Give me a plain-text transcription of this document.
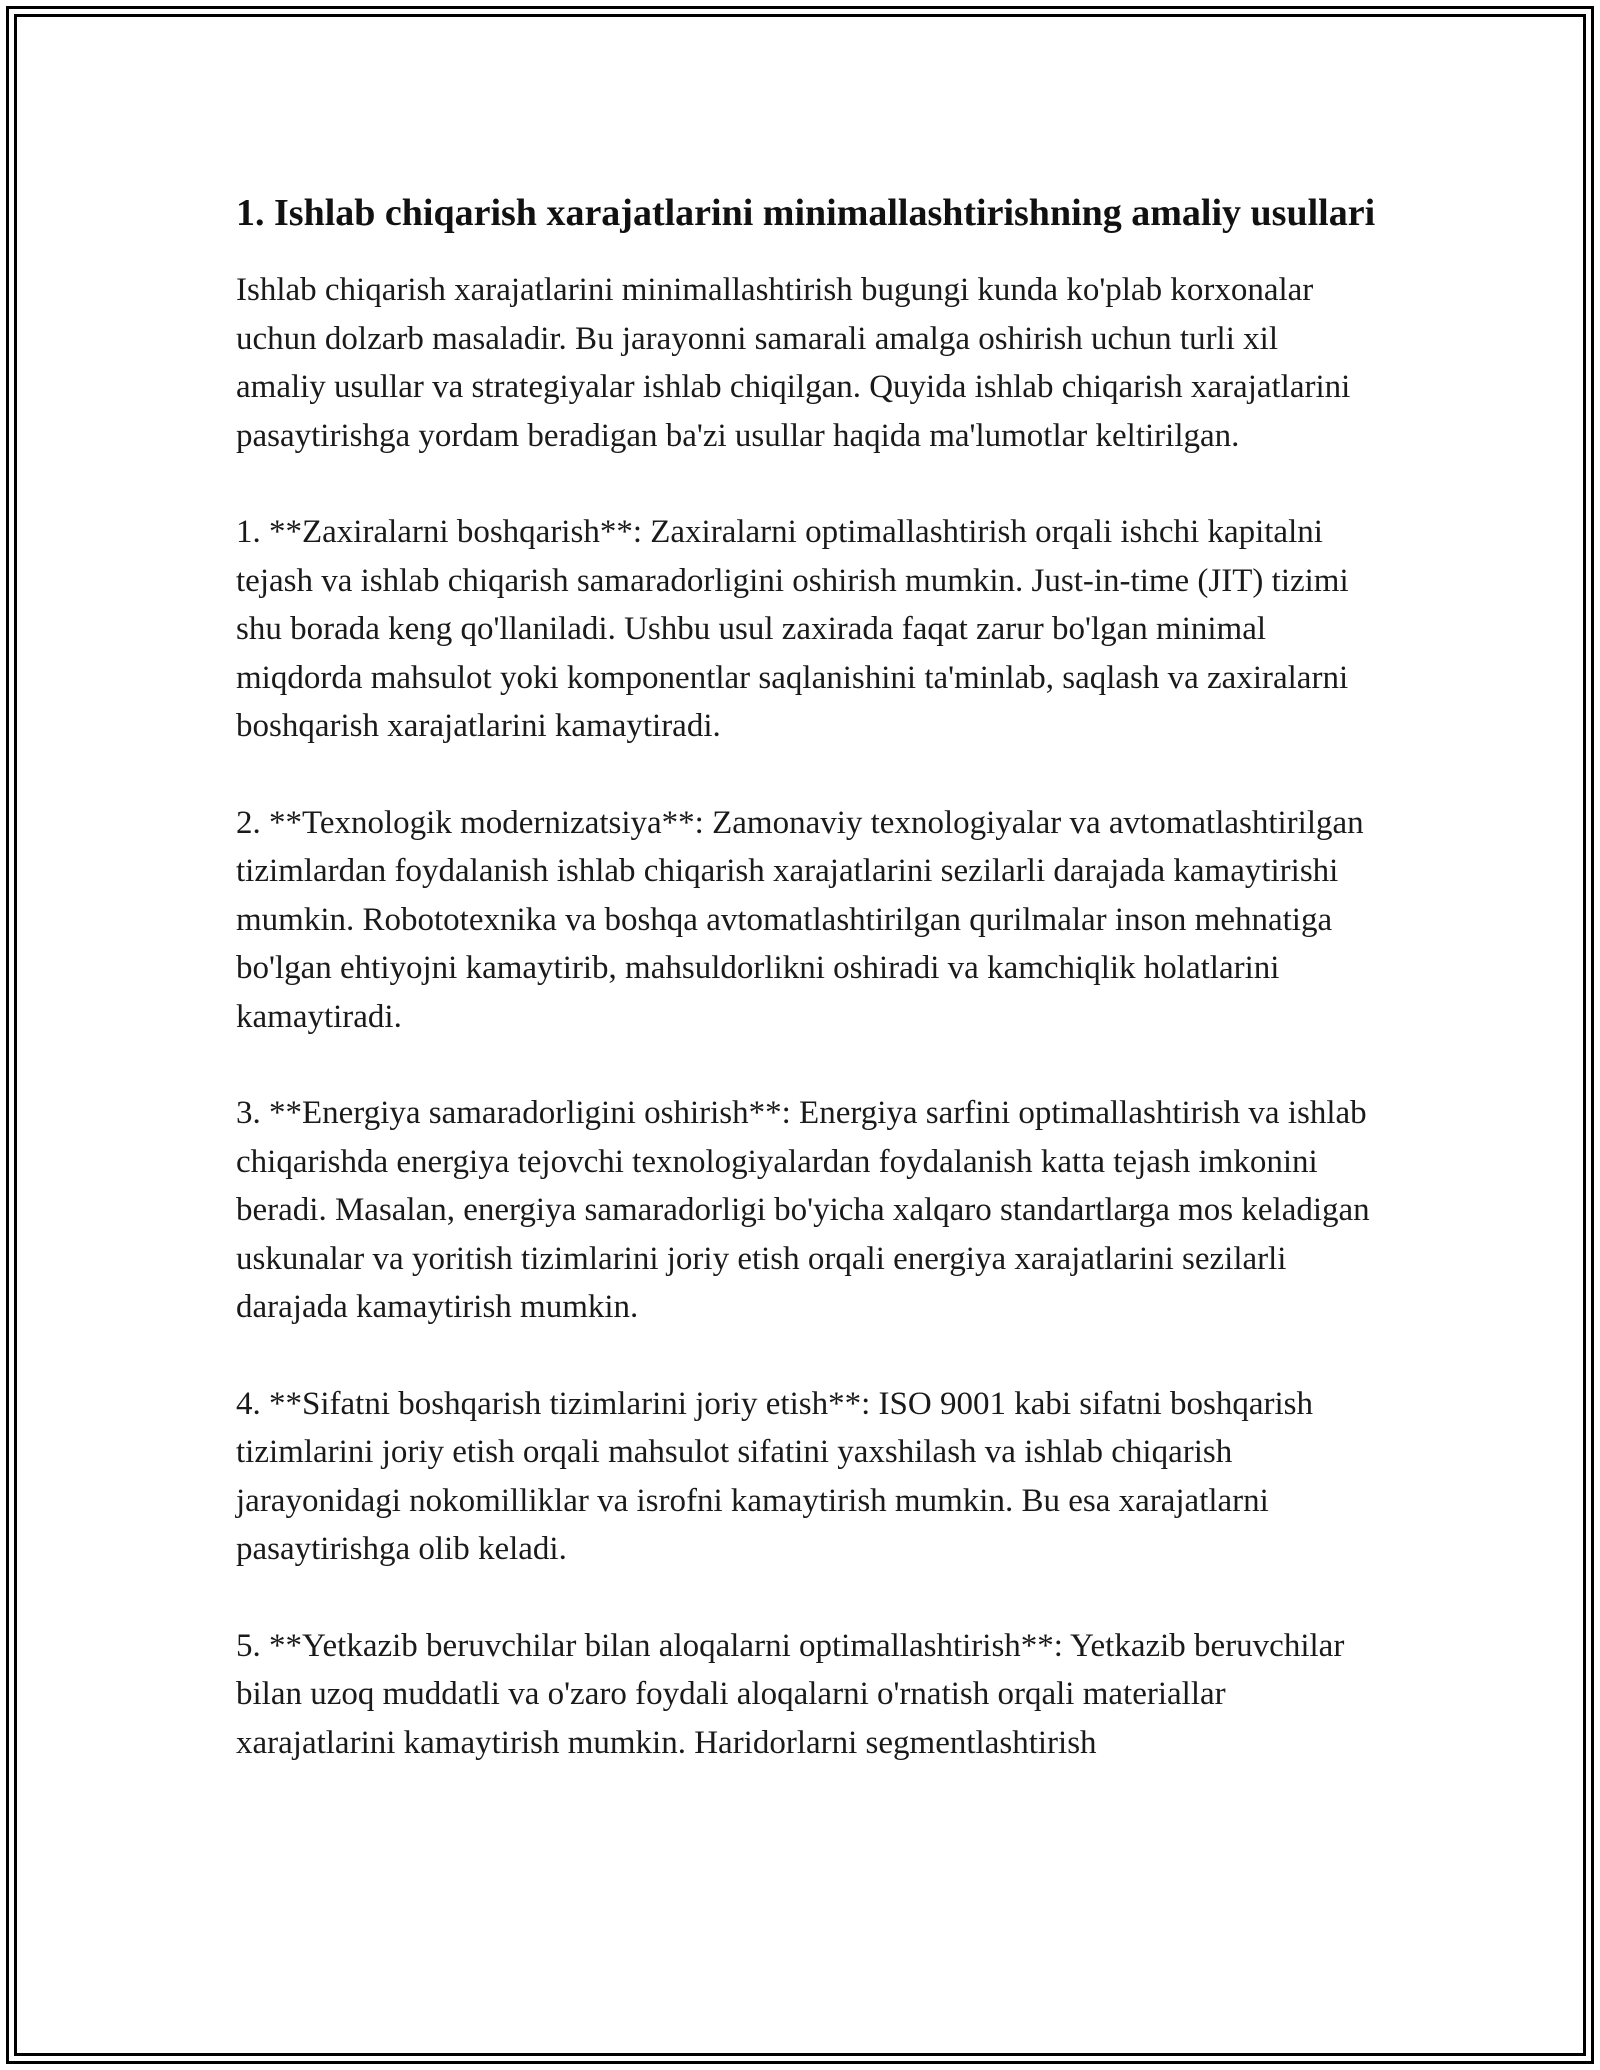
1. Ishlab chiqarish xarajatlarini minimallashtirishning amaliy usullari

Ishlab chiqarish xarajatlarini minimallashtirish bugungi kunda ko'plab korxonalar uchun dolzarb masaladir. Bu jarayonni samarali amalga oshirish uchun turli xil amaliy usullar va strategiyalar ishlab chiqilgan. Quyida ishlab chiqarish xarajatlarini pasaytirishga yordam beradigan ba'zi usullar haqida ma'lumotlar keltirilgan.

1. **Zaxiralarni boshqarish**: Zaxiralarni optimallashtirish orqali ishchi kapitalni tejash va ishlab chiqarish samaradorligini oshirish mumkin. Just-in-time (JIT) tizimi shu borada keng qo'llaniladi. Ushbu usul zaxirada faqat zarur bo'lgan minimal miqdorda mahsulot yoki komponentlar saqlanishini ta'minlab, saqlash va zaxiralarni boshqarish xarajatlarini kamaytiradi.

2. **Texnologik modernizatsiya**: Zamonaviy texnologiyalar va avtomatlashtirilgan tizimlardan foydalanish ishlab chiqarish xarajatlarini sezilarli darajada kamaytirishi mumkin. Robototexnika va boshqa avtomatlashtirilgan qurilmalar inson mehnatiga bo'lgan ehtiyojni kamaytirib, mahsuldorlikni oshiradi va kamchiqlik holatlarini kamaytiradi.

3. **Energiya samaradorligini oshirish**: Energiya sarfini optimallashtirish va ishlab chiqarishda energiya tejovchi texnologiyalardan foydalanish katta tejash imkonini beradi. Masalan, energiya samaradorligi bo'yicha xalqaro standartlarga mos keladigan uskunalar va yoritish tizimlarini joriy etish orqali energiya xarajatlarini sezilarli darajada kamaytirish mumkin.

4. **Sifatni boshqarish tizimlarini joriy etish**: ISO 9001 kabi sifatni boshqarish tizimlarini joriy etish orqali mahsulot sifatini yaxshilash va ishlab chiqarish jarayonidagi nokomilliklar va isrofni kamaytirish mumkin. Bu esa xarajatlarni pasaytirishga olib keladi.

5. **Yetkazib beruvchilar bilan aloqalarni optimallashtirish**: Yetkazib beruvchilar bilan uzoq muddatli va o'zaro foydali aloqalarni o'rnatish orqali materiallar xarajatlarini kamaytirish mumkin. Haridorlarni segmentlashtirish
